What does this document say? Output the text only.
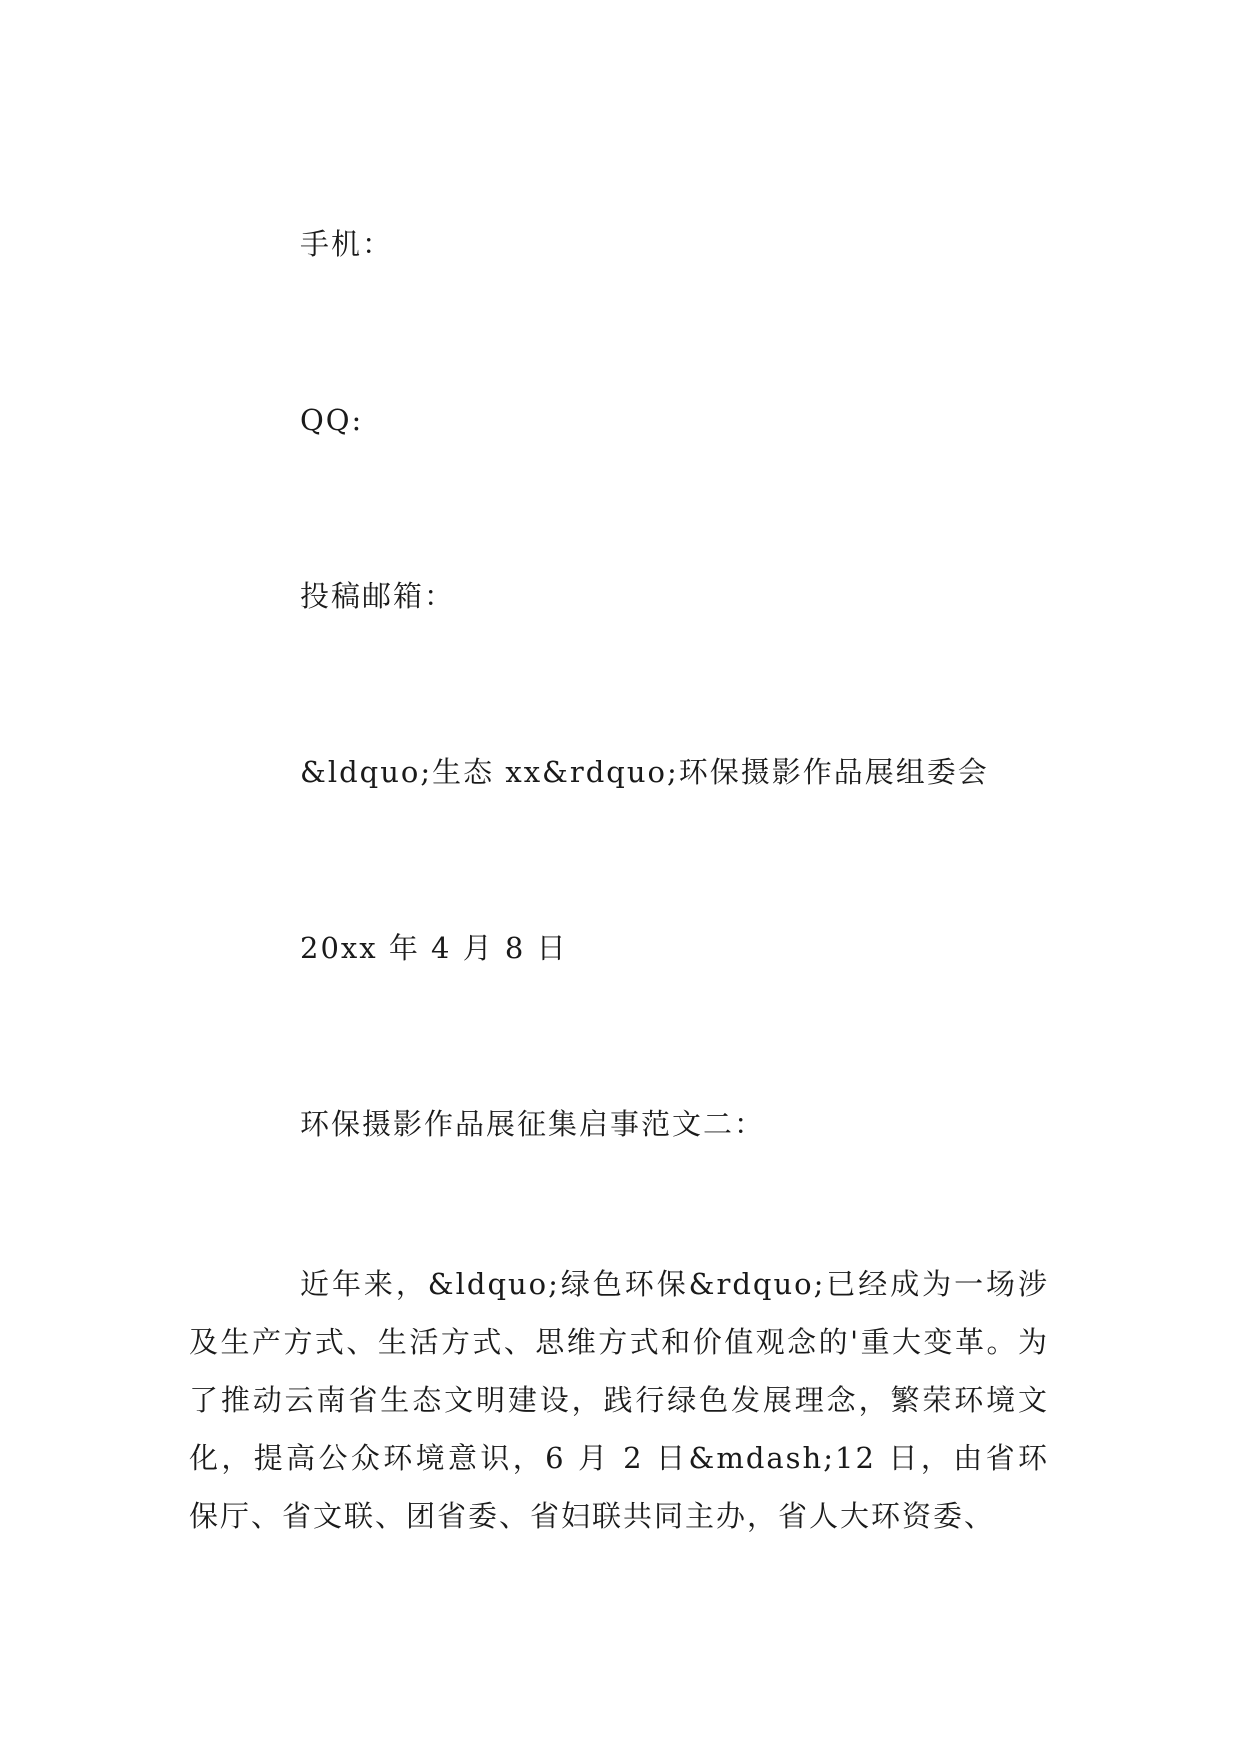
手机：
QQ:
投稿邮箱：
&ldquo;生态 xx&rdquo;环保摄影作品展组委会
20xx 年 4 月 8 日
环保摄影作品展征集启事范文二：
近年来，&ldquo;绿色环保&rdquo;已经成为一场涉及生产方式、生活方式、思维方式和价值观念的'重大变革。为了推动云南省生态文明建设，践行绿色发展理念，繁荣环境文化，提高公众环境意识，6 月 2 日&mdash;12 日，由省环保厅、省文联、团省委、省妇联共同主办，省人大环资委、
